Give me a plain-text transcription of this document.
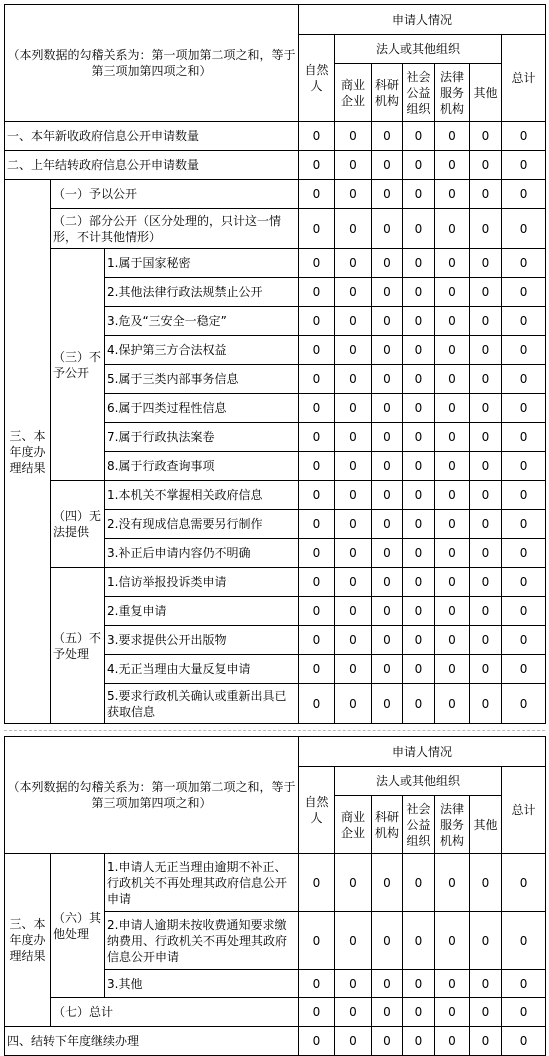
（本列数据的勾稽关系为：第一项加第二项之和，等于第三项加第四项之和）			申请人情况						
			自然人	法人或其他组织					总计
				商业企业	科研机构	社会公益组织	法律服务机构	其他	
一、本年新收政府信息公开申请数量			0	0	0	0	0	0	0
二、上年结转政府信息公开申请数量			0	0	0	0	0	0	0
三、本年度办理结果	（一）予以公开		0	0	0	0	0	0	0
	（二）部分公开（区分处理的，只计这一情形，不计其他情形）		0	0	0	0	0	0	0
	（三）不予公开	1.属于国家秘密	0	0	0	0	0	0	0
		2.其他法律行政法规禁止公开	0	0	0	0	0	0	0
		3.危及“三安全一稳定”	0	0	0	0	0	0	0
		4.保护第三方合法权益	0	0	0	0	0	0	0
		5.属于三类内部事务信息	0	0	0	0	0	0	0
		6.属于四类过程性信息	0	0	0	0	0	0	0
		7.属于行政执法案卷	0	0	0	0	0	0	0
		8.属于行政查询事项	0	0	0	0	0	0	0
	（四）无法提供	1.本机关不掌握相关政府信息	0	0	0	0	0	0	0
		2.没有现成信息需要另行制作	0	0	0	0	0	0	0
		3.补正后申请内容仍不明确	0	0	0	0	0	0	0
	（五）不予处理	1.信访举报投诉类申请	0	0	0	0	0	0	0
		2.重复申请	0	0	0	0	0	0	0
		3.要求提供公开出版物	0	0	0	0	0	0	0
		4.无正当理由大量反复申请	0	0	0	0	0	0	0
		5.要求行政机关确认或重新出具已获取信息	0	0	0	0	0	0	0
（本列数据的勾稽关系为：第一项加第二项之和，等于第三项加第四项之和）			申请人情况						
			自然人	法人或其他组织					总计
				商业企业	科研机构	社会公益组织	法律服务机构	其他	
三、本年度办理结果	（六）其他处理	1.申请人无正当理由逾期不补正、行政机关不再处理其政府信息公开申请	0	0	0	0	0	0	0
		2.申请人逾期未按收费通知要求缴纳费用、行政机关不再处理其政府信息公开申请	0	0	0	0	0	0	0
		3.其他	0	0	0	0	0	0	0
	（七）总计		0	0	0	0	0	0	0
四、结转下年度继续办理			0	0	0	0	0	0	0
